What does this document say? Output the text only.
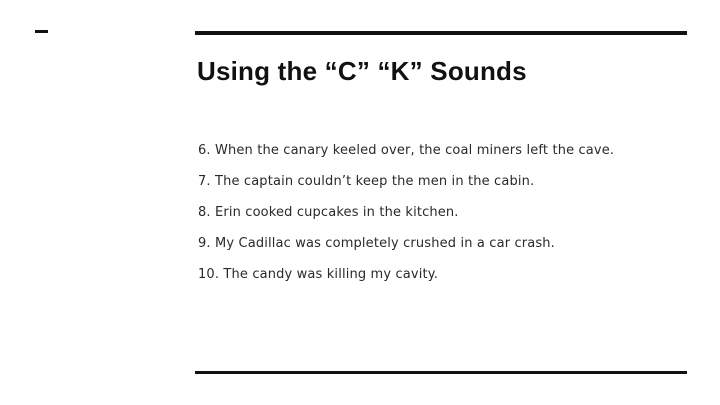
Using the “C” “K” Sounds
6. When the canary keeled over, the coal miners left the cave.
7. The captain couldn’t keep the men in the cabin.
8. Erin cooked cupcakes in the kitchen.
9. My Cadillac was completely crushed in a car crash.
10. The candy was killing my cavity.
